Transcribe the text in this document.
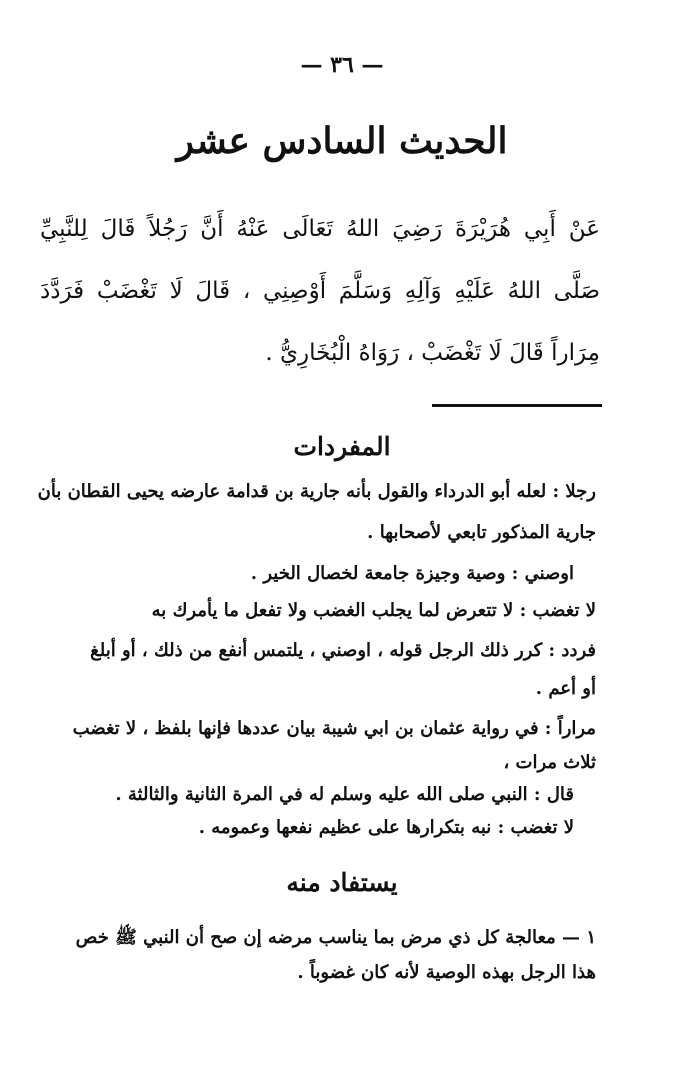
— ٣٦ —
الحديث السادس عشر
عَنْ أَبِي هُرَيْرَةَ رَضِيَ اللهُ تَعَالَى عَنْهُ أَنَّ رَجُلاً قَالَ لِلنَّبِيِّ
صَلَّى اللهُ عَلَيْهِ وَآلِهِ وَسَلَّمَ أَوْصِنِي ، قَالَ لَا تَغْضَبْ فَرَدَّدَ
مِرَاراً قَالَ لَا تَغْضَبْ ، رَوَاهُ الْبُخَارِيُّ .
المفردات
رجلا : لعله أبو الدرداء والقول بأنه جارية بن قدامة عارضه يحيى القطان بأن
جارية المذكور تابعي لأصحابها .
اوصني : وصية وجيزة جامعة لخصال الخير .
لا تغضب : لا تتعرض لما يجلب الغضب ولا تفعل ما يأمرك به
فردد : كرر ذلك الرجل قوله ، اوصني ، يلتمس أنفع من ذلك ، أو أبلغ
أو أعم .
مراراً : في رواية عثمان بن ابي شيبة بيان عددها فإنها بلفظ ، لا تغضب
ثلاث مرات ،
قال : النبي صلى الله عليه وسلم له في المرة الثانية والثالثة .
لا تغضب : نبه بتكرارها على عظيم نفعها وعمومه .
يستفاد منه
١ — معالجة كل ذي مرض بما يناسب مرضه إن صح أن النبي ﷺ خص
هذا الرجل بهذه الوصية لأنه كان غضوباً .
